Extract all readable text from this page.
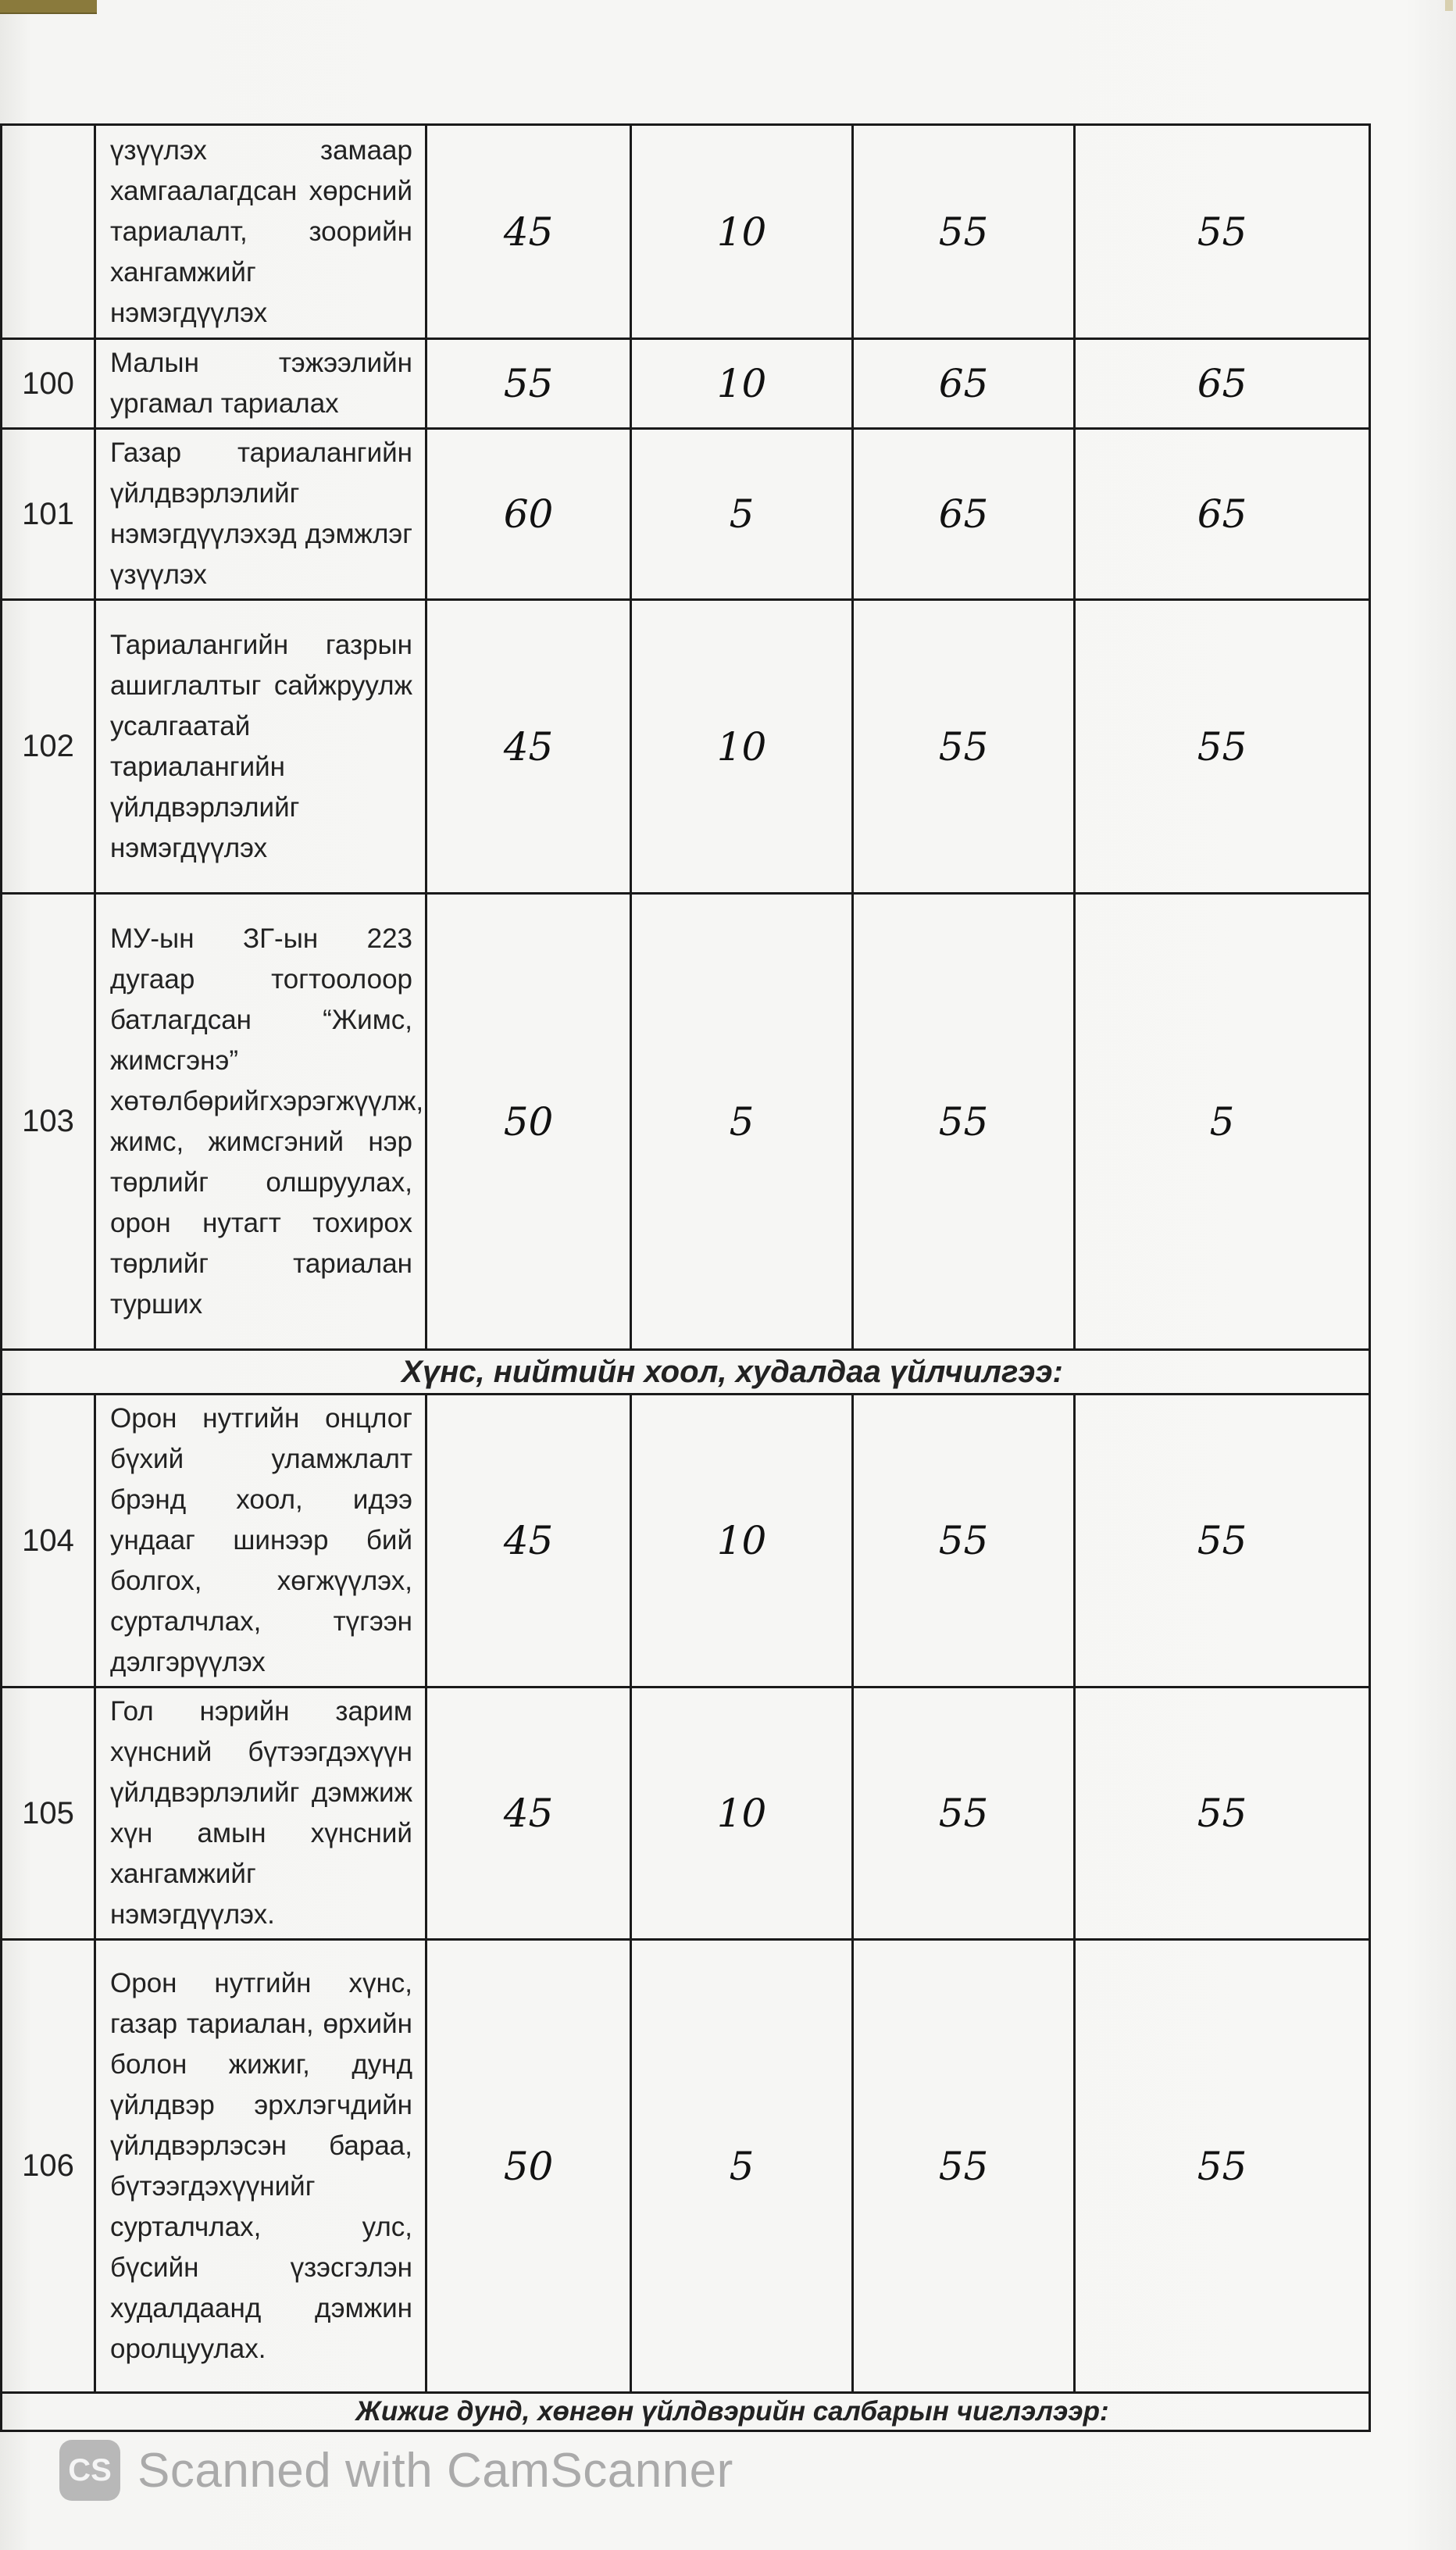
	үзүүлэх замаар хамгаалагдсан хөрсний тариалалт, зоорийн хангамжийг нэмэгдүүлэх	45	10	55	55
100	Малын тэжээлийн ургамал тариалах	55	10	65	65
101	Газар тариалангийн үйлдвэрлэлийг нэмэгдүүлэхэд дэмжлэг үзүүлэх	60	5	65	65
102	Тариалангийн газрын ашиглалтыг сайжруулж усалгаатай тариалангийн үйлдвэрлэлийг нэмэгдүүлэх	45	10	55	55
103	МУ-ын ЗГ-ын 223 дугаар тогтоолоор батлагдсан “Жимс, жимсгэнэ” хөтөлбөрийгхэрэгжүүлж, жимс, жимсгэний нэр төрлийг олшруулах, орон нутагт тохирох төрлийг тариалан турших	50	5	55	5
Хүнс, нийтийн хоол, худалдаа үйлчилгээ:					
104	Орон нутгийн онцлог бүхий уламжлалт брэнд хоол, идээ ундааг шинээр бий болгох, хөгжүүлэх, сурталчлах, түгээн дэлгэрүүлэх	45	10	55	55
105	Гол нэрийн зарим хүнсний бүтээгдэхүүн үйлдвэрлэлийг дэмжиж хүн амын хүнсний хангамжийг нэмэгдүүлэх.	45	10	55	55
106	Орон нутгийн хүнс, газар тариалан, өрхийн болон жижиг, дунд үйлдвэр эрхлэгчдийн үйлдвэрлэсэн бараа, бүтээгдэхүүнийг сурталчлах, улс, бүсийн үзэсгэлэн худалдаанд дэмжин оролцуулах.	50	5	55	55
Жижиг дунд, хөнгөн үйлдвэрийн салбарын чиглэлээр:					
CS Scanned with CamScanner
